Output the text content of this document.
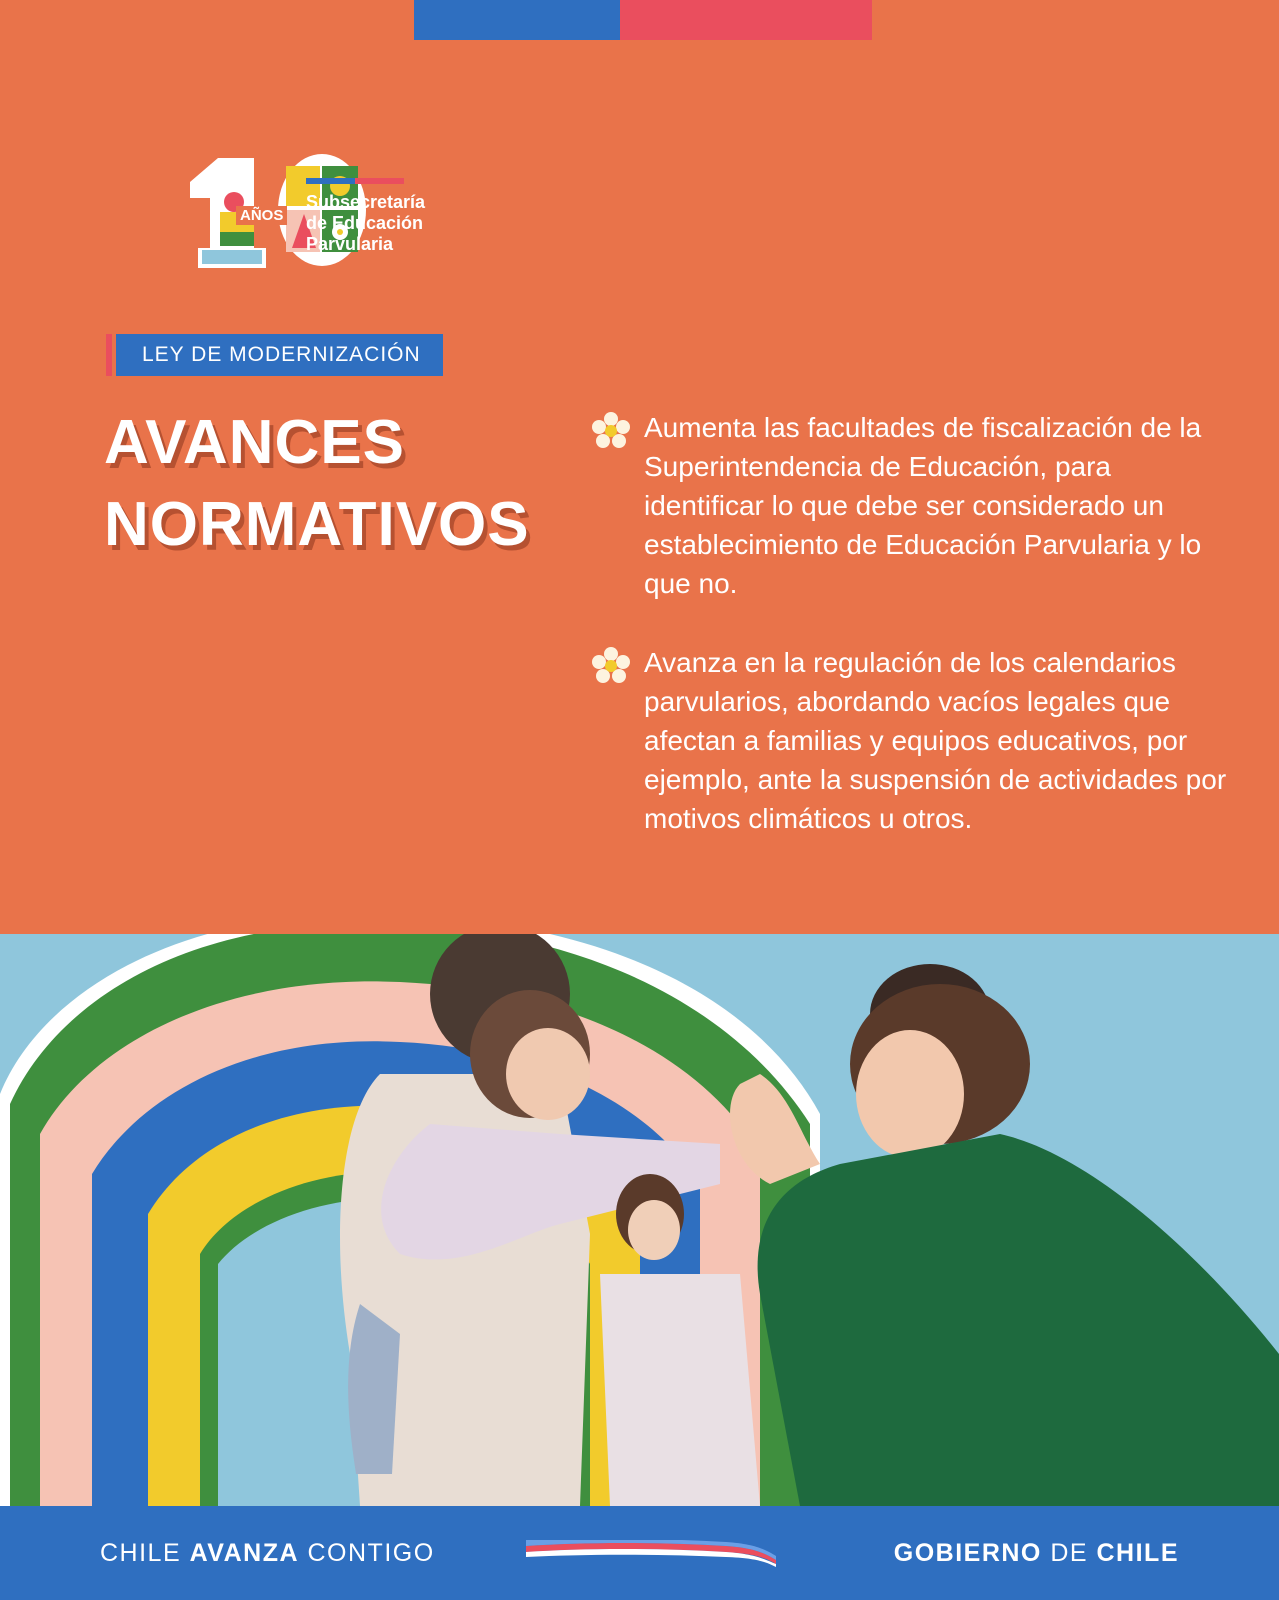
AÑOS
Subsecretaría
de Educación
Parvularia
LEY DE MODERNIZACIÓN
AVANCES
NORMATIVOS

Aumenta las facultades de fiscalización de la Superintendencia de Educación, para identificar lo que debe ser considerado un establecimiento de Educación Parvularia y lo que no.

Avanza en la regulación de los calendarios parvularios, abordando vacíos legales que afectan a familias y equipos educativos, por ejemplo, ante la suspensión de actividades por motivos climáticos u otros.

CHILE AVANZA CONTIGO	GOBIERNO DE CHILE
